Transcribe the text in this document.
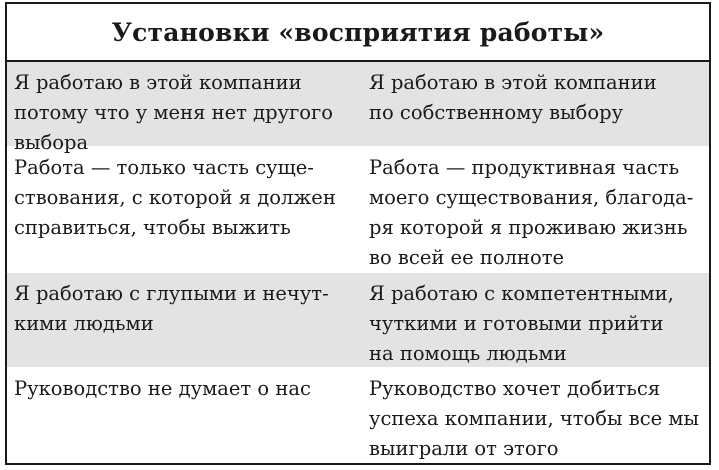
Установки «восприятия работы»
Я работаю в этой компании
потому что у меня нет другого
выбора
Я работаю в этой компании
по собственному выбору
Работа — только часть суще-
ствования, с которой я должен
справиться, чтобы выжить
Работа — продуктивная часть
моего существования, благода-
ря которой я проживаю жизнь
во всей ее полноте
Я работаю с глупыми и нечут-
кими людьми
Я работаю с компетентными,
чуткими и готовыми прийти
на помощь людьми
Руководство не думает о нас	Руководство хочет добиться
успеха компании, чтобы все мы
выиграли от этого
